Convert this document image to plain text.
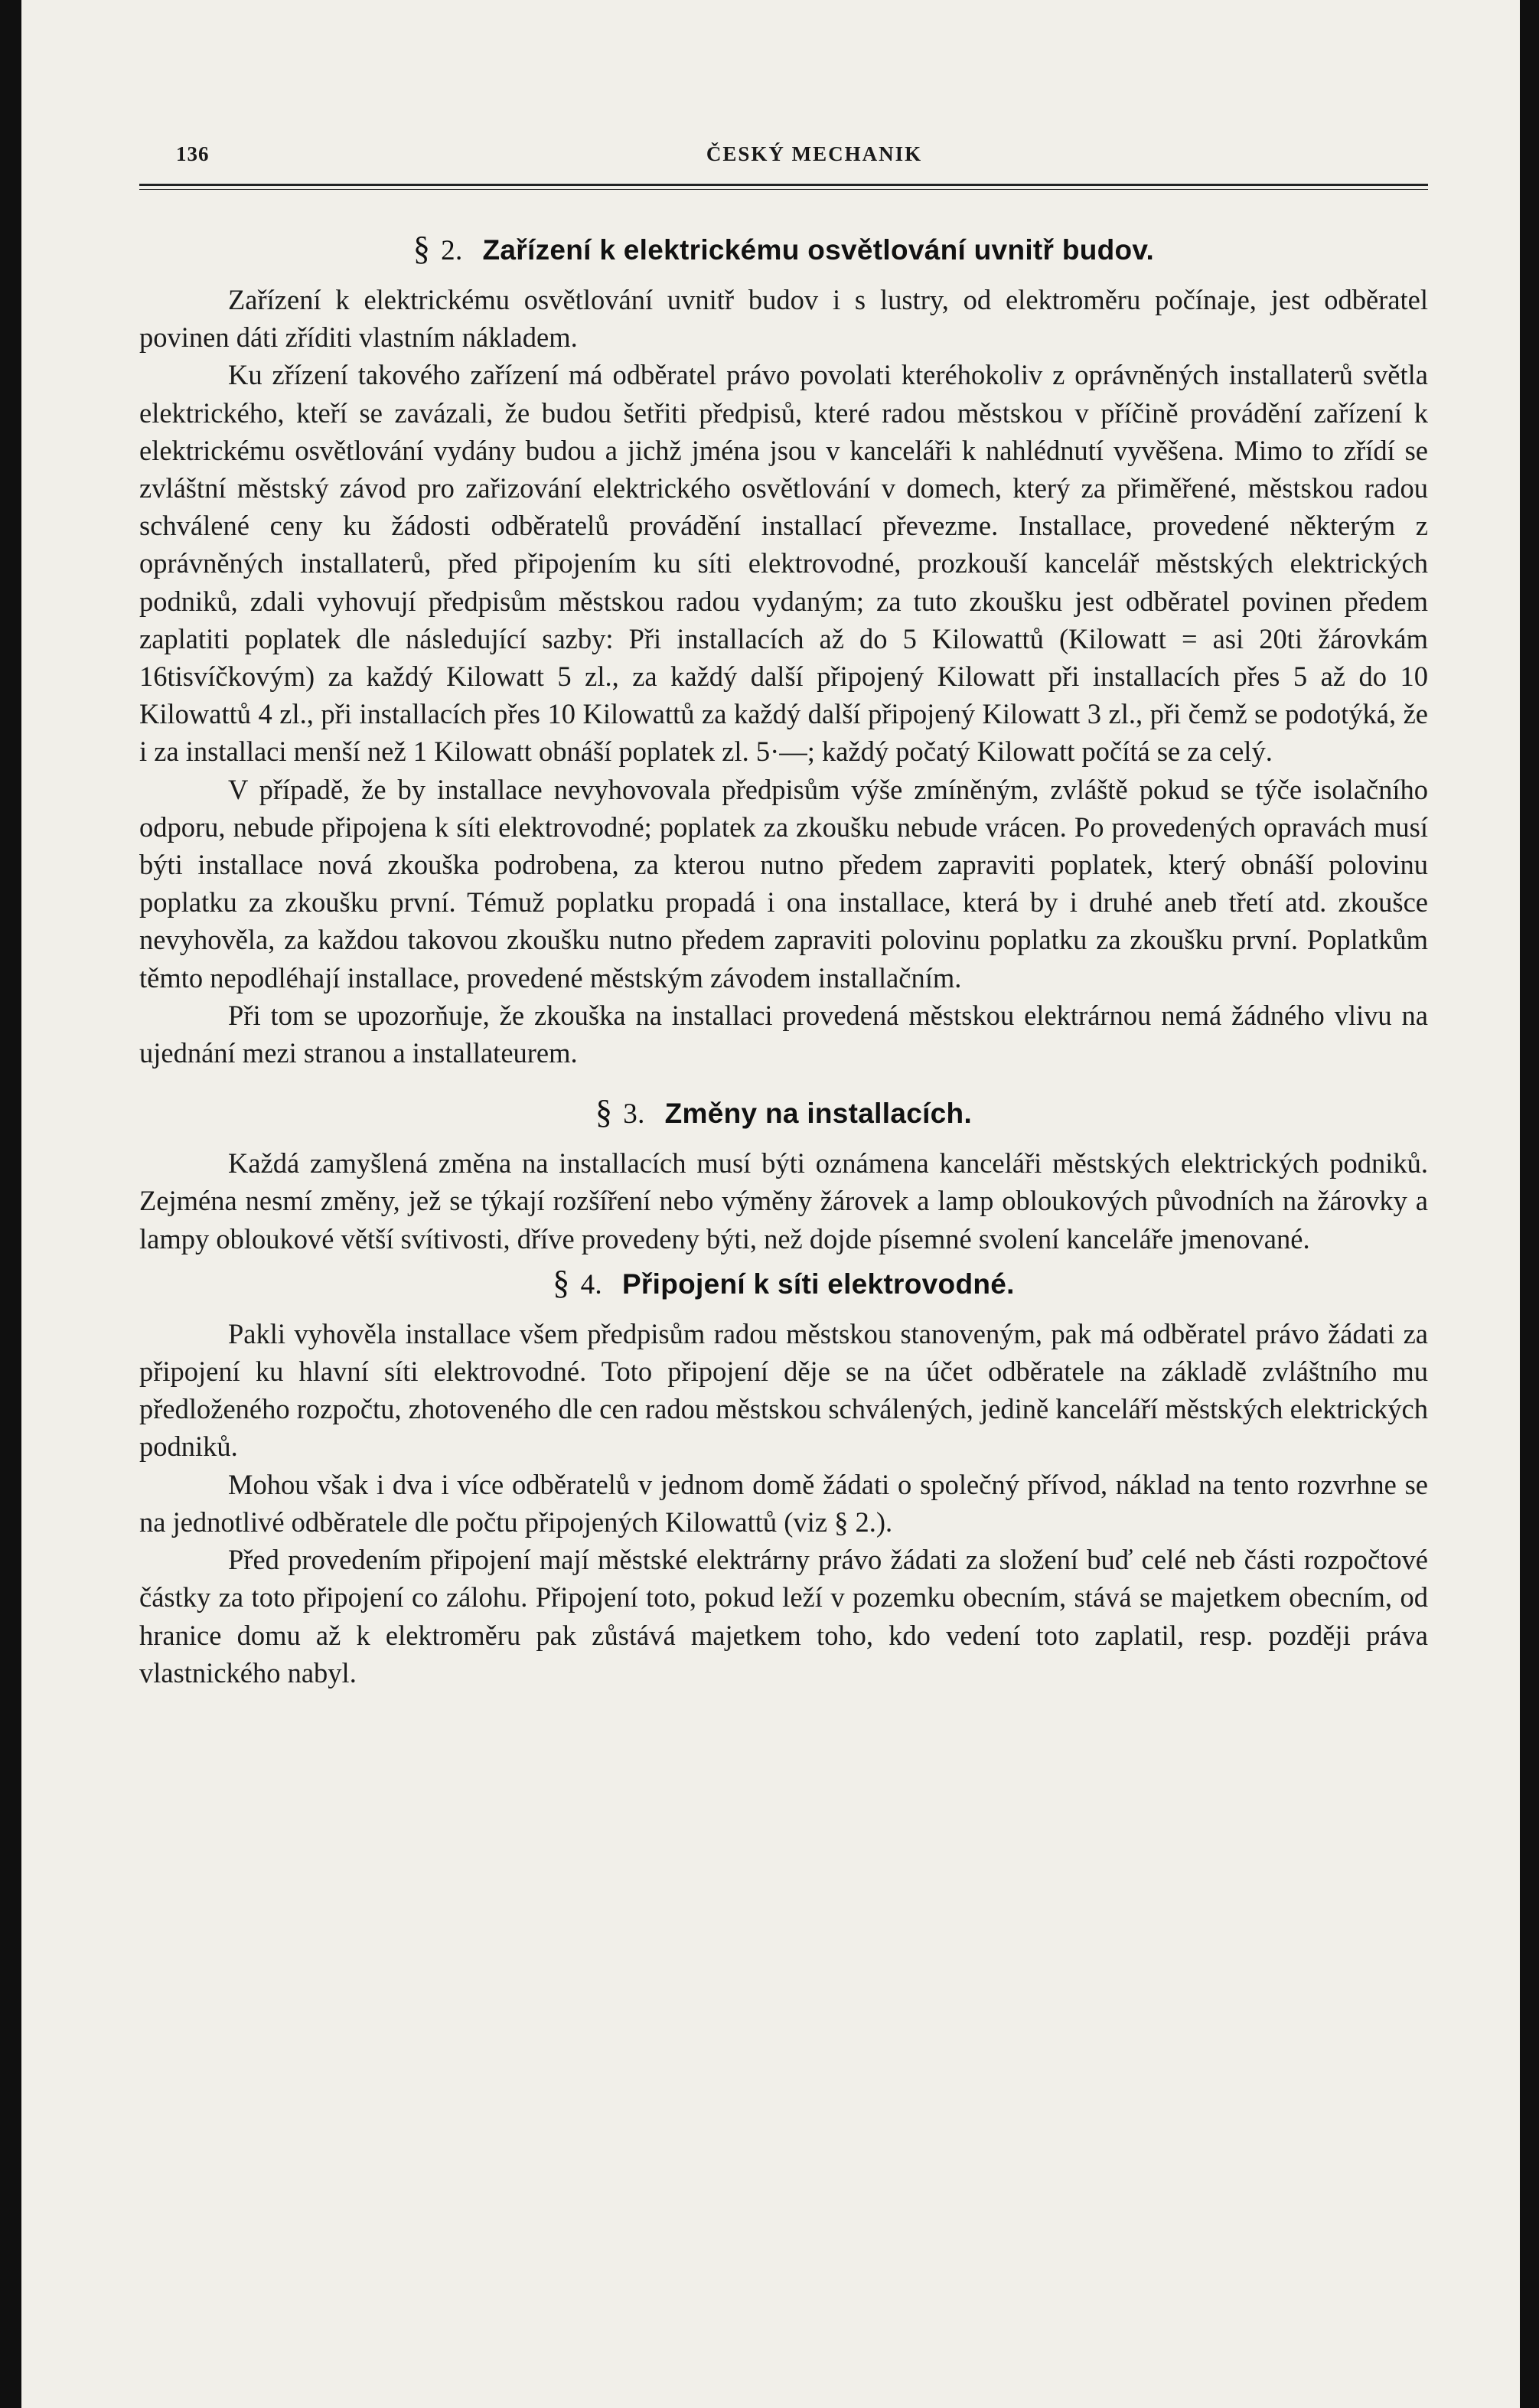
136	ČESKÝ MECHANIK
§ 2. Zařízení k elektrickému osvětlování uvnitř budov.

Zařízení k elektrickému osvětlování uvnitř budov i s lustry, od elektroměru počínaje, jest odběratel povinen dáti zříditi vlastním nákladem.

Ku zřízení takového zařízení má odběratel právo povolati kteréhokoliv z oprávněných installaterů světla elektrického, kteří se zavázali, že budou šetřiti předpisů, které radou městskou v příčině provádění zařízení k elektrickému osvětlování vydány budou a jichž jména jsou v kanceláři k nahlédnutí vyvěšena. Mimo to zřídí se zvláštní městský závod pro zařizování elektrického osvětlování v domech, který za přiměřené, městskou radou schválené ceny ku žádosti odběratelů provádění installací převezme. Installace, provedené některým z oprávněných installaterů, před připojením ku síti elektrovodné, prozkouší kancelář městských elektrických podniků, zdali vyhovují předpisům městskou radou vydaným; za tuto zkoušku jest odběratel povinen předem zaplatiti poplatek dle následující sazby: Při installacích až do 5 Kilowattů (Kilowatt = asi 20ti žárovkám 16tisvíčkovým) za každý Kilowatt 5 zl., za každý další připojený Kilowatt při installacích přes 5 až do 10 Kilowattů 4 zl., při installacích přes 10 Kilowattů za každý další připojený Kilowatt 3 zl., při čemž se podotýká, že i za installaci menší než 1 Kilowatt obnáší poplatek zl. 5·—; každý počatý Kilowatt počítá se za celý.

V případě, že by installace nevyhovovala předpisům výše zmíněným, zvláště pokud se týče isolačního odporu, nebude připojena k síti elektrovodné; poplatek za zkoušku nebude vrácen. Po provedených opravách musí býti installace nová zkouška podrobena, za kterou nutno předem zapraviti poplatek, který obnáší polovinu poplatku za zkoušku první. Témuž poplatku propadá i ona installace, která by i druhé aneb třetí atd. zkoušce nevyhověla, za každou takovou zkoušku nutno předem zapraviti polovinu poplatku za zkoušku první. Poplatkům těmto nepodléhají installace, provedené městským závodem installačním.

Při tom se upozorňuje, že zkouška na installaci provedená městskou elektrárnou nemá žádného vlivu na ujednání mezi stranou a installateurem.

§ 3. Změny na installacích.

Každá zamyšlená změna na installacích musí býti oznámena kanceláři městských elektrických podniků. Zejména nesmí změny, jež se týkají rozšíření nebo výměny žárovek a lamp obloukových původních na žárovky a lampy obloukové větší svítivosti, dříve provedeny býti, než dojde písemné svolení kanceláře jmenované.

§ 4. Připojení k síti elektrovodné.

Pakli vyhověla installace všem předpisům radou městskou stanoveným, pak má odběratel právo žádati za připojení ku hlavní síti elektrovodné. Toto připojení děje se na účet odběratele na základě zvláštního mu předloženého rozpočtu, zhotoveného dle cen radou městskou schválených, jedině kanceláří městských elektrických podniků.

Mohou však i dva i více odběratelů v jednom domě žádati o společný přívod, náklad na tento rozvrhne se na jednotlivé odběratele dle počtu připojených Kilowattů (viz § 2.).

Před provedením připojení mají městské elektrárny právo žádati za složení buď celé neb části rozpočtové částky za toto připojení co zálohu. Připojení toto, pokud leží v pozemku obecním, stává se majetkem obecním, od hranice domu až k elektroměru pak zůstává majetkem toho, kdo vedení toto zaplatil, resp. později práva vlastnického nabyl.
